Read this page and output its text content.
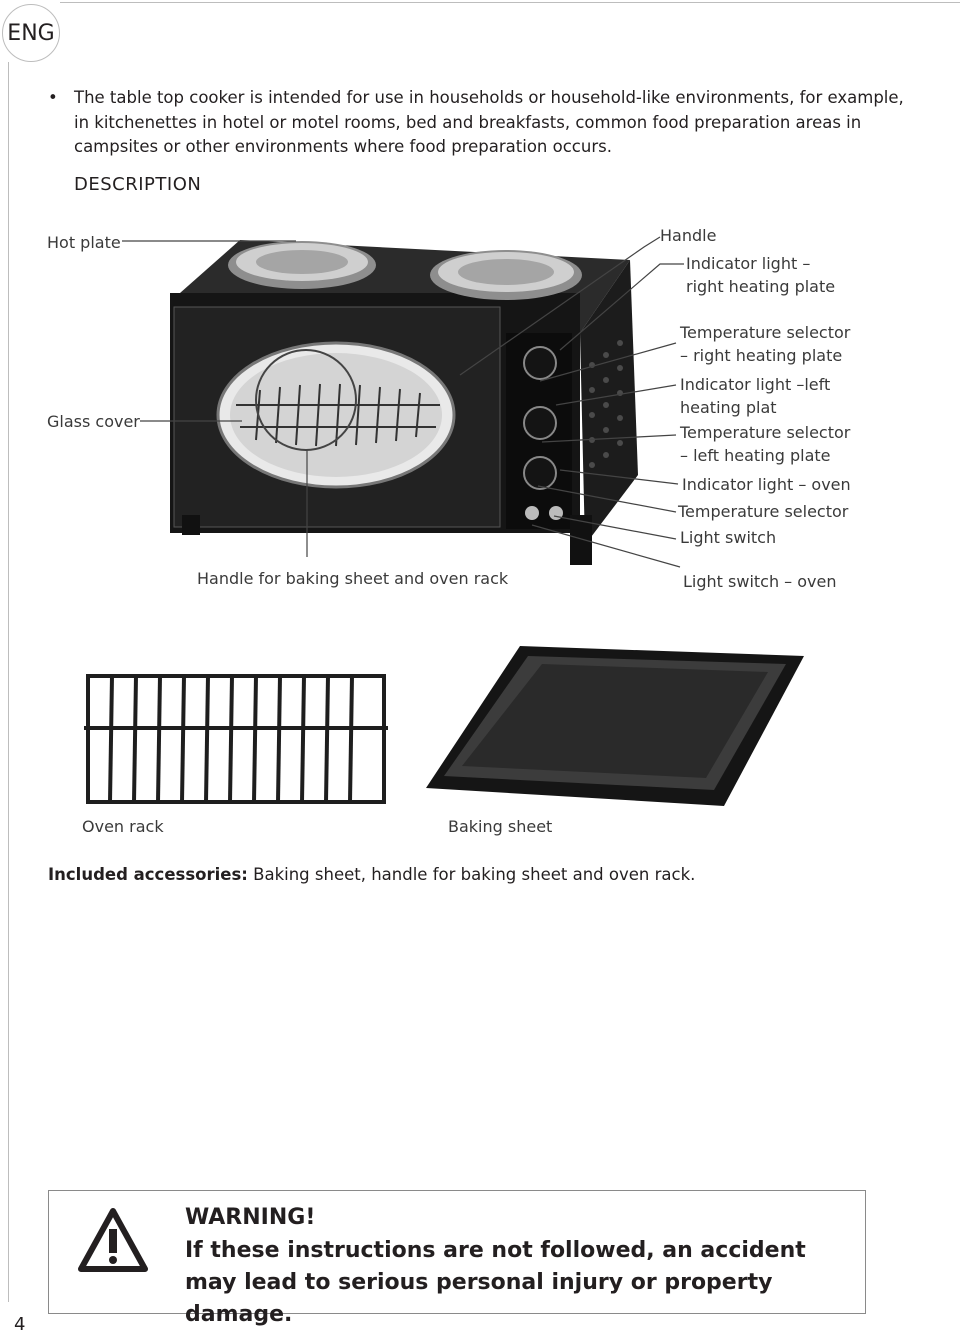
ENG
• The table top cooker is intended for use in households or household-like environments, for example, in kitchenettes in hotel or motel rooms, bed and breakfasts, common food preparation areas in campsites or other environments where food preparation occurs.
DESCRIPTION
Hot plate
Glass cover
Handle
Indicator light – right heating plate
Temperature selector – right heating plate
Indicator light –left heating plat
Temperature selector – left heating plate
Indicator light – oven
Temperature selector
Light switch
Handle for baking sheet and oven rack	Light switch – oven
Oven rack	Baking sheet
Included accessories: Baking sheet, handle for baking sheet and oven rack.
WARNING!
If these instructions are not followed, an accident may lead to serious personal injury or property damage.
4
